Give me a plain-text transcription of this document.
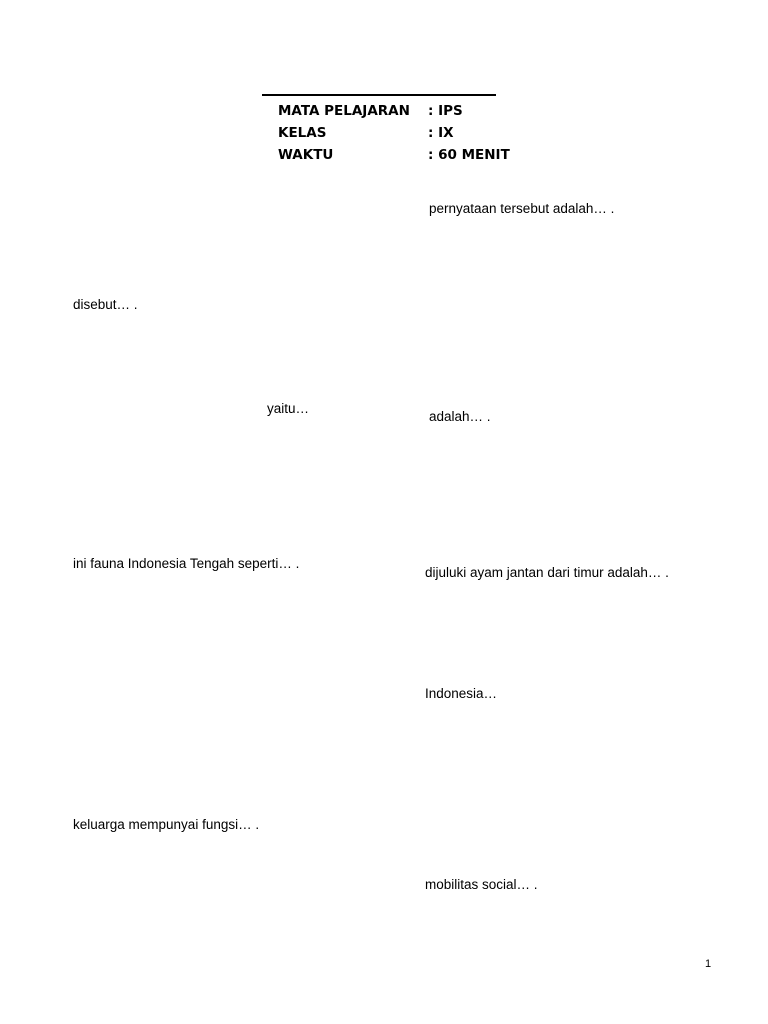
MATA PELAJARAN : IPS
KELAS	: IX
WAKTU	: 60 MENIT
pernyataan tersebut adalah… .
disebut… .
yaitu…
adalah… .
ini fauna Indonesia Tengah seperti… .
dijuluki ayam jantan dari timur adalah… .
Indonesia…
keluarga mempunyai fungsi… .
mobilitas social… .
1
